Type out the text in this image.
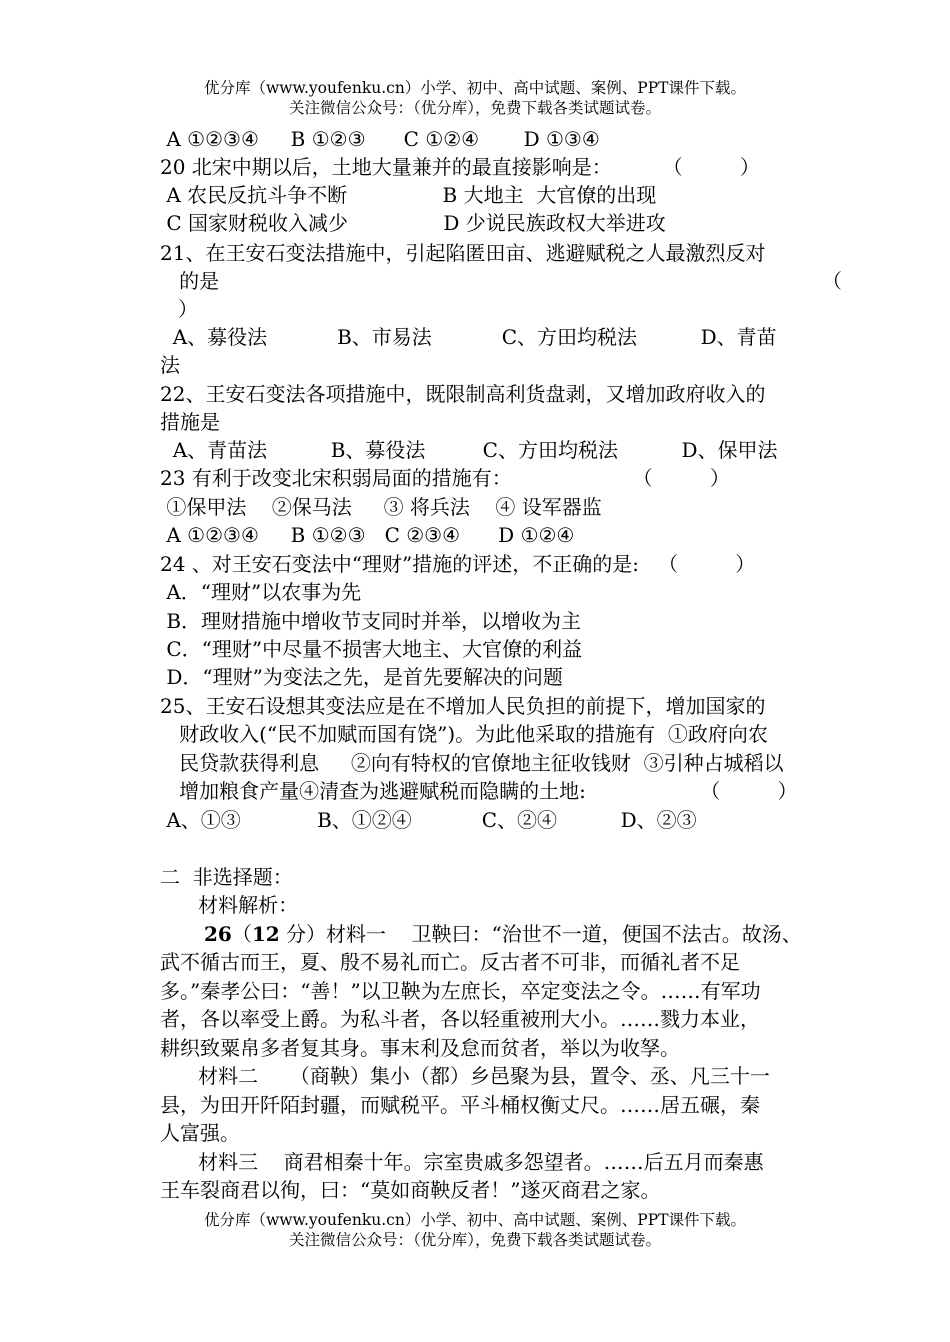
优分库（www.youfenku.cn）小学、初中、高中试题、案例、PPT课件下载。
关注微信公众号：（优分库），免费下载各类试题试卷。
A ①②③④     B ①②③      C ①②④       D ①③④
20 北宋中期以后，土地大量兼并的最直接影响是：        （         ）
A 农民反抗斗争不断               B 大地主  大官僚的出现
C 国家财税收入减少               D 少说民族政权大举进攻
21、在王安石变法措施中，引起陷匿田亩、逃避赋税之人最激烈反对
的是	（
）
A、募役法           B、市易法           C、方田均税法          D、青苗
法
22、王安石变法各项措施中，既限制高利货盘剥，又增加政府收入的
措施是
A、青苗法          B、募役法         C、方田均税法          D、保甲法
23 有利于改变北宋积弱局面的措施有：                   （         ）
①保甲法    ②保马法     ③ 将兵法    ④ 设军器监
A ①②③④     B ①②③   C ②③④      D ①②④
24 、对王安石变法中“理财”措施的评述，不正确的是:   （         ）
A．“理财”以农事为先
B．理财措施中增收节支同时并举，以增收为主
C．“理财”中尽量不损害大地主、大官僚的利益
D．“理财”为变法之先，是首先要解决的问题
25、王安石设想其变法应是在不增加人民负担的前提下，增加国家的
财政收入(“民不加赋而国有饶”)。为此他采取的措施有  ①政府向农
民贷款获得利息     ②向有特权的官僚地主征收钱财  ③引种占城稻以
增加粮食产量④清查为逃避赋税而隐瞒的土地:                  （         ）
A、①③            B、①②④           C、②④          D、②③
二  非选择题：
材料解析：
26（12 分）材料一    卫鞅曰：“治世不一道，便国不法古。故汤、
武不循古而王，夏、殷不易礼而亡。反古者不可非，而循礼者不足
多。”秦孝公曰：“善！”以卫鞅为左庶长，卒定变法之令。……有军功
者，各以率受上爵。为私斗者，各以轻重被刑大小。……戮力本业，
耕织致粟帛多者复其身。事末利及怠而贫者，举以为收孥。
材料二     （商鞅）集小（都）乡邑聚为县，置令、丞、凡三十一
县，为田开阡陌封疆，而赋税平。平斗桶权衡丈尺。……居五碾，秦
人富强。
材料三    商君相秦十年。宗室贵戚多怨望者。……后五月而秦惠
王车裂商君以徇，曰：“莫如商鞅反者！”遂灭商君之家。
优分库（www.youfenku.cn）小学、初中、高中试题、案例、PPT课件下载。
关注微信公众号：（优分库），免费下载各类试题试卷。
